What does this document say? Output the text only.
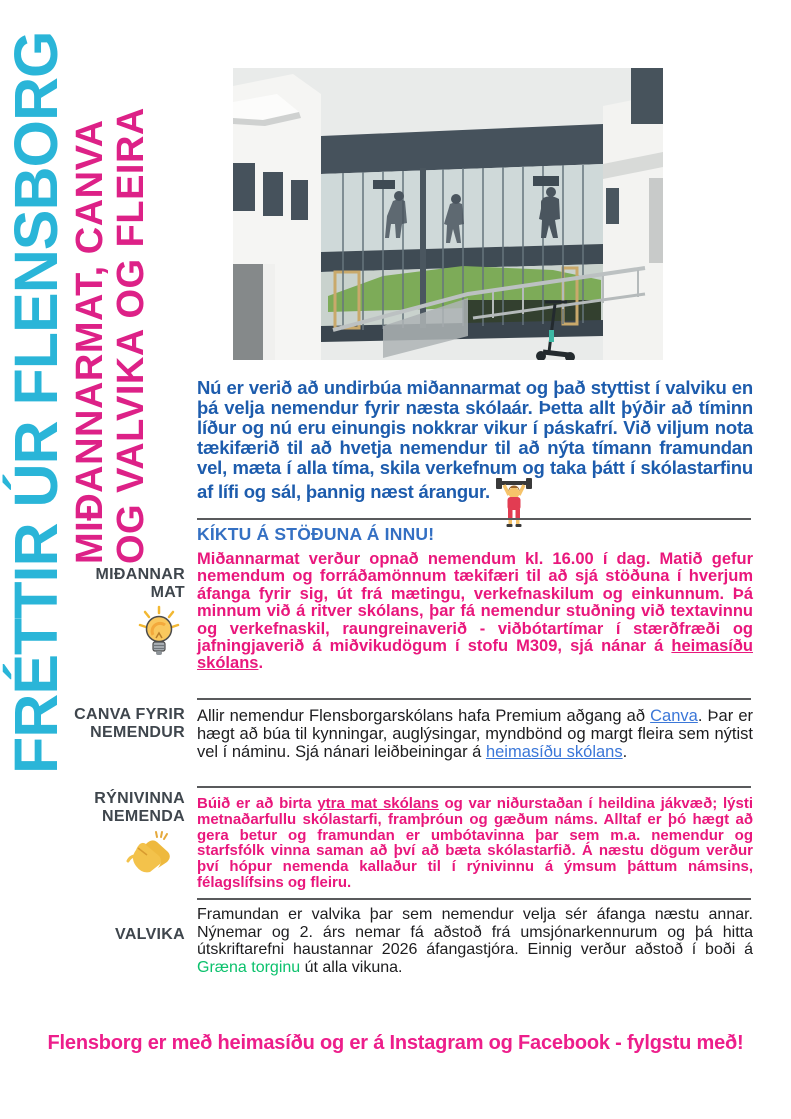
FRÉTTIR ÚR FLENSBORG MIÐANNARMAT, CANVA OG VALVIKA OG FLEIRA Nú er verið að undirbúa miðannarmat og það styttist í valviku en þá velja nemendur fyrir næsta skólaár. Þetta allt þýðir að tíminn líður og nú eru einungis nokkrar vikur í páskafrí. Við viljum nota tækifærið til að hvetja nemendur til að nýta tímann framundan vel, mæta í alla tíma, skila verkefnum og taka þátt í skólastarfinu af lífi og sál, þannig næst árangur.
KÍKTU Á STÖÐUNA Á INNU!
MIÐANNAR
MAT
CANVA FYRIR
NEMENDUR
RÝNIVINNA
NEMENDA
VALVIKA
Miðannarmat verður opnað nemendum kl. 16.00 í dag. Matið gefur nemendum og forráðamönnum tækifæri til að sjá stöðuna í hverjum áfanga fyrir sig, út frá mætingu, verkefnaskilum og einkunnum. Þá minnum við á ritver skólans, þar fá nemendur stuðning við textavinnu og verkefnaskil, raungreinaverið - viðbótartímar í stærðfræði og jafningjaverið á miðvikudögum í stofu M309, sjá nánar á heimasíðu skólans.
Allir nemendur Flensborgarskólans hafa Premium aðgang að Canva. Þar er hægt að búa til kynningar, auglýsingar, myndbönd og margt fleira sem nýtist vel í náminu. Sjá nánari leiðbeiningar á heimasíðu skólans.
Búið er að birta ytra mat skólans og var niðurstaðan í heildina jákvæð; lýsti metnaðarfullu skólastarfi, framþróun og gæðum náms. Alltaf er þó hægt að gera betur og framundan er umbótavinna þar sem m.a. nemendur og starfsfólk vinna saman að því að bæta skólastarfið. Á næstu dögum verður því hópur nemenda kallaður til í rýnivinnu á ýmsum þáttum námsins, félagslífsins og fleiru.
Framundan er valvika þar sem nemendur velja sér áfanga næstu annar. Nýnemar og 2. árs nemar fá aðstoð frá umsjónarkennurum og þá hitta útskriftarefni haustannar 2026 áfangastjóra. Einnig verður aðstoð í boði á Græna torginu út alla vikuna.
Flensborg er með heimasíðu og er á Instagram og Facebook - fylgstu með!
